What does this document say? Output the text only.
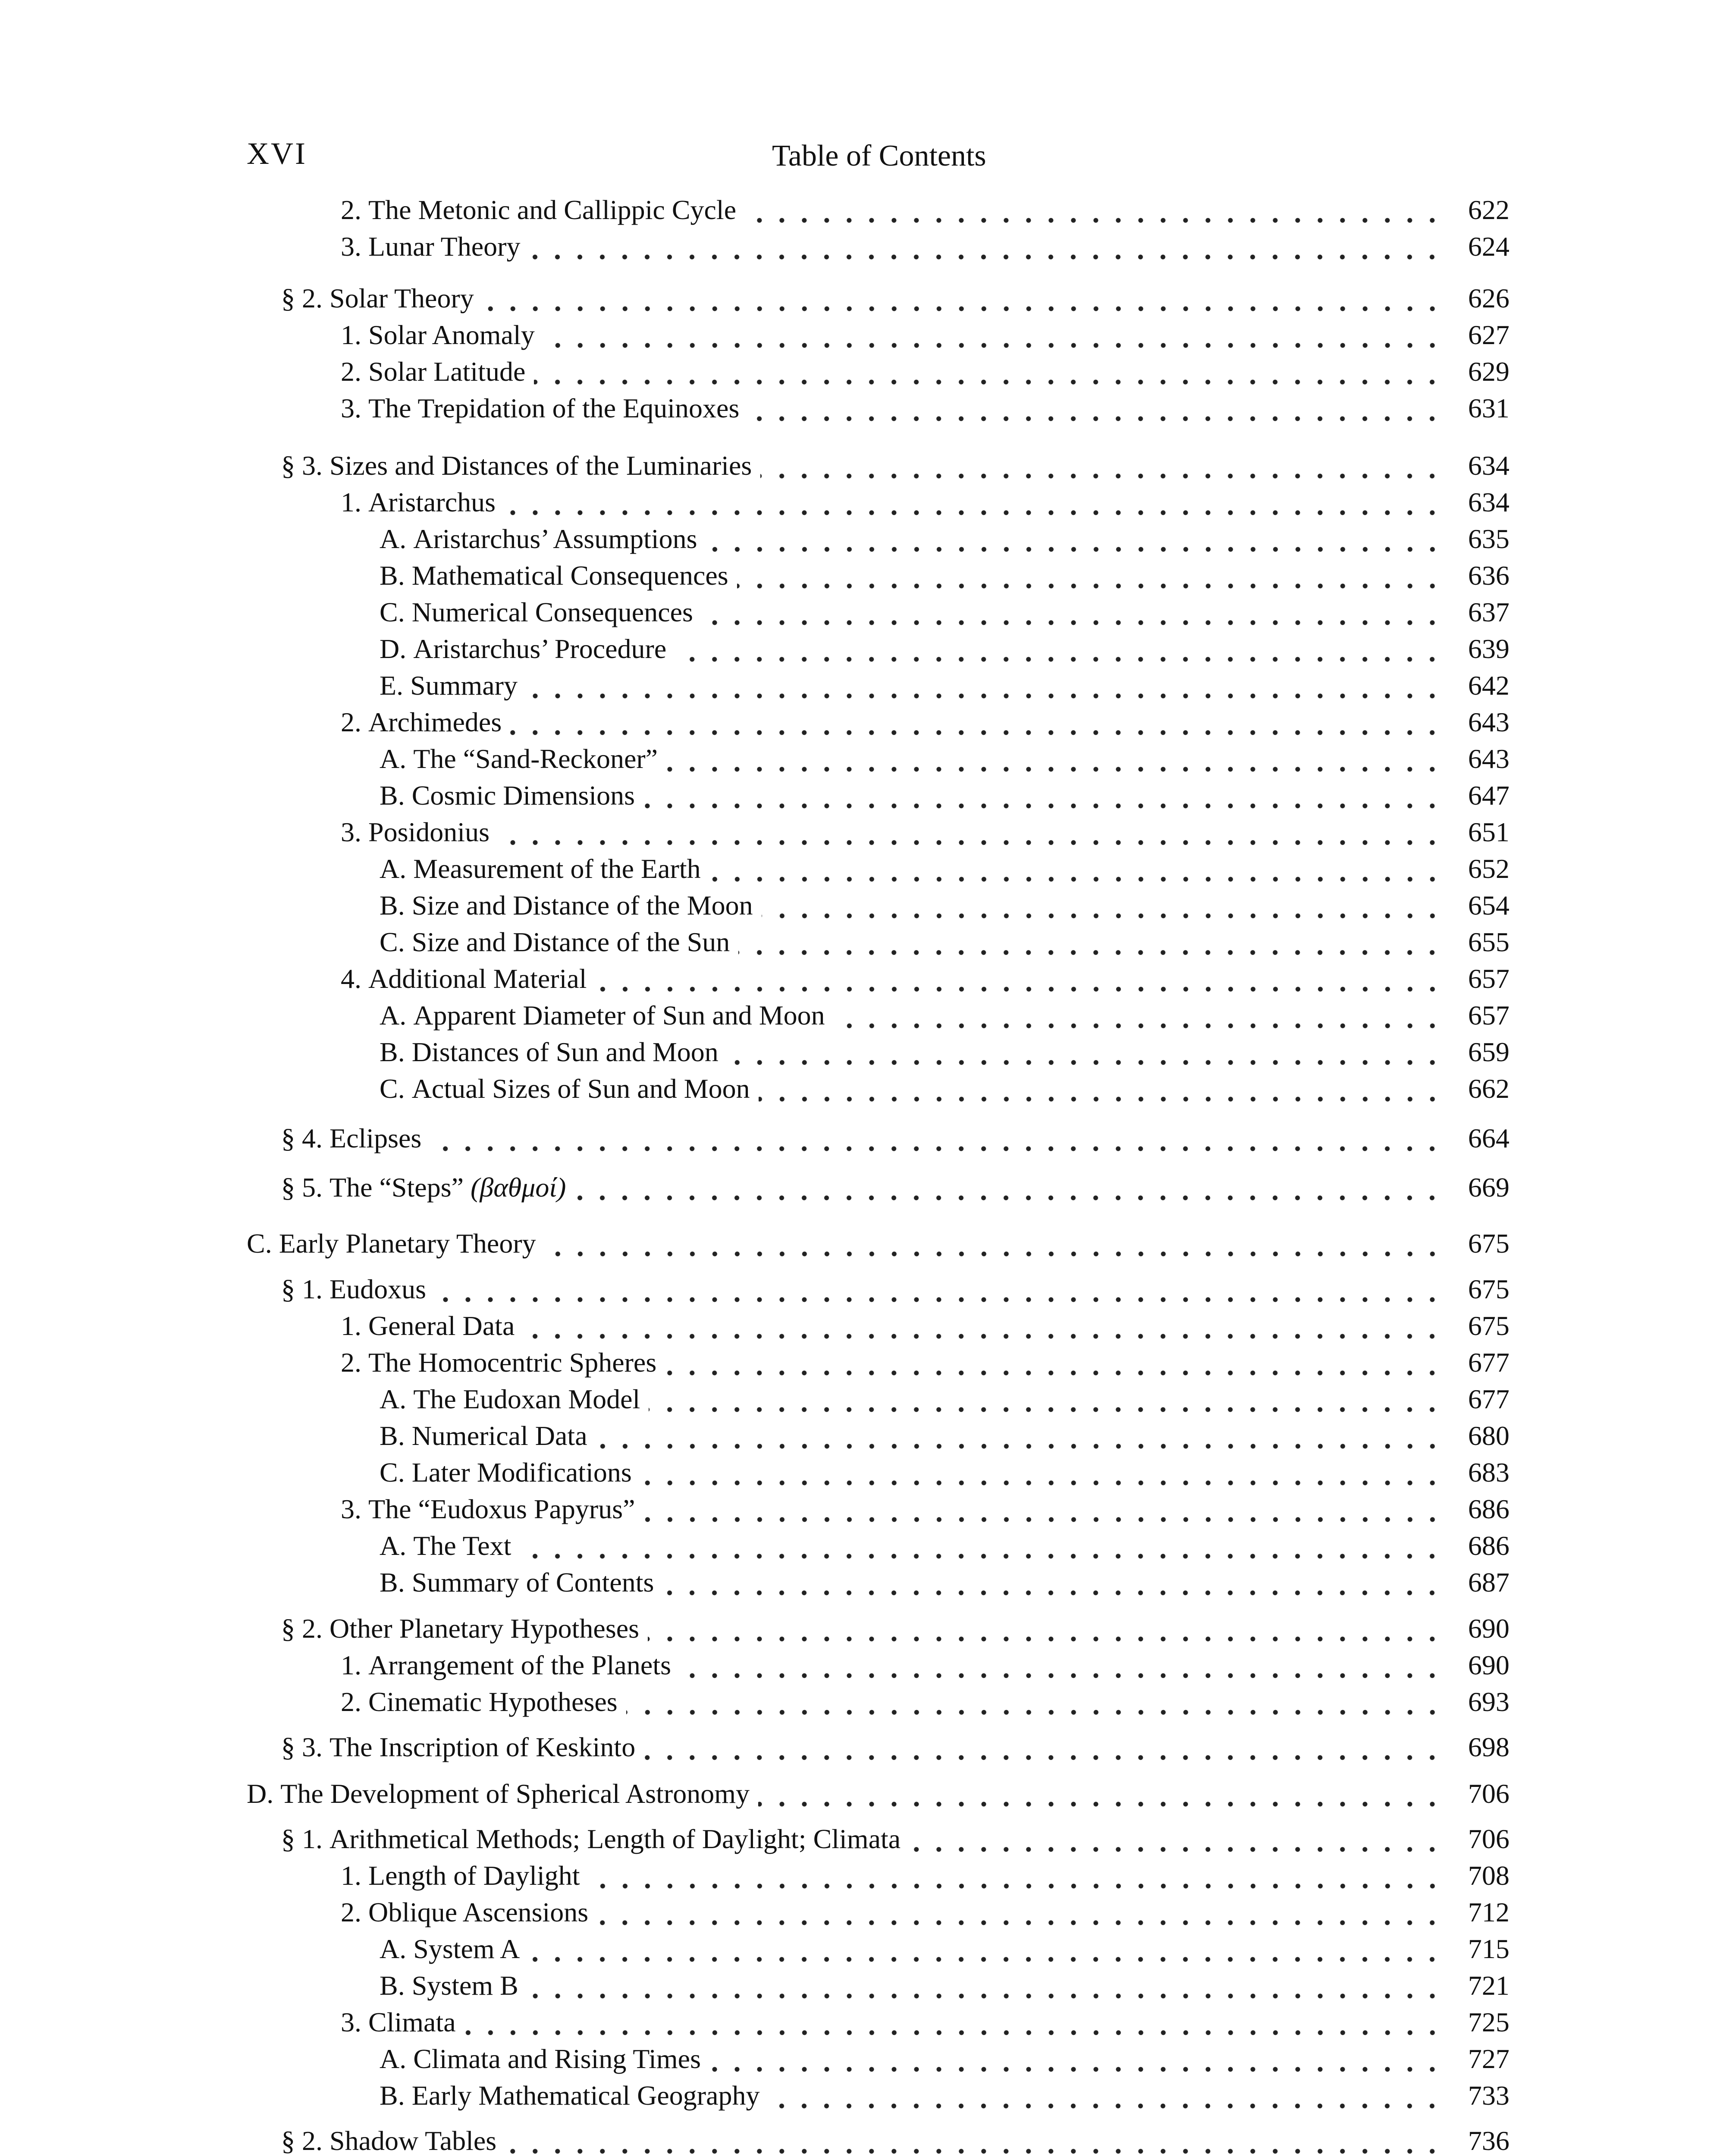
XVI	Table of Contents
2. The Metonic and Callippic Cycle	622
3. Lunar Theory	624
§ 2. Solar Theory	626
1. Solar Anomaly	627
2. Solar Latitude	629
3. The Trepidation of the Equinoxes	631
§ 3. Sizes and Distances of the Luminaries	634
1. Aristarchus	634
A. Aristarchus’ Assumptions	635
B. Mathematical Consequences	636
C. Numerical Consequences	637
D. Aristarchus’ Procedure	639
E. Summary	642
2. Archimedes	643
A. The “Sand-Reckoner”	643
B. Cosmic Dimensions	647
3. Posidonius	651
A. Measurement of the Earth	652
B. Size and Distance of the Moon	654
C. Size and Distance of the Sun	655
4. Additional Material	657
A. Apparent Diameter of Sun and Moon	657
B. Distances of Sun and Moon	659
C. Actual Sizes of Sun and Moon	662
§ 4. Eclipses	664
§ 5. The “Steps” (βαθμοί)	669
C. Early Planetary Theory	675
§ 1. Eudoxus	675
1. General Data	675
2. The Homocentric Spheres	677
A. The Eudoxan Model	677
B. Numerical Data	680
C. Later Modifications	683
3. The “Eudoxus Papyrus”	686
A. The Text	686
B. Summary of Contents	687
§ 2. Other Planetary Hypotheses	690
1. Arrangement of the Planets	690
2. Cinematic Hypotheses	693
§ 3. The Inscription of Keskinto	698
D. The Development of Spherical Astronomy	706
§ 1. Arithmetical Methods; Length of Daylight; Climata	706
1. Length of Daylight	708
2. Oblique Ascensions	712
A. System A	715
B. System B	721
3. Climata	725
A. Climata and Rising Times	727
B. Early Mathematical Geography	733
§ 2. Shadow Tables	736
